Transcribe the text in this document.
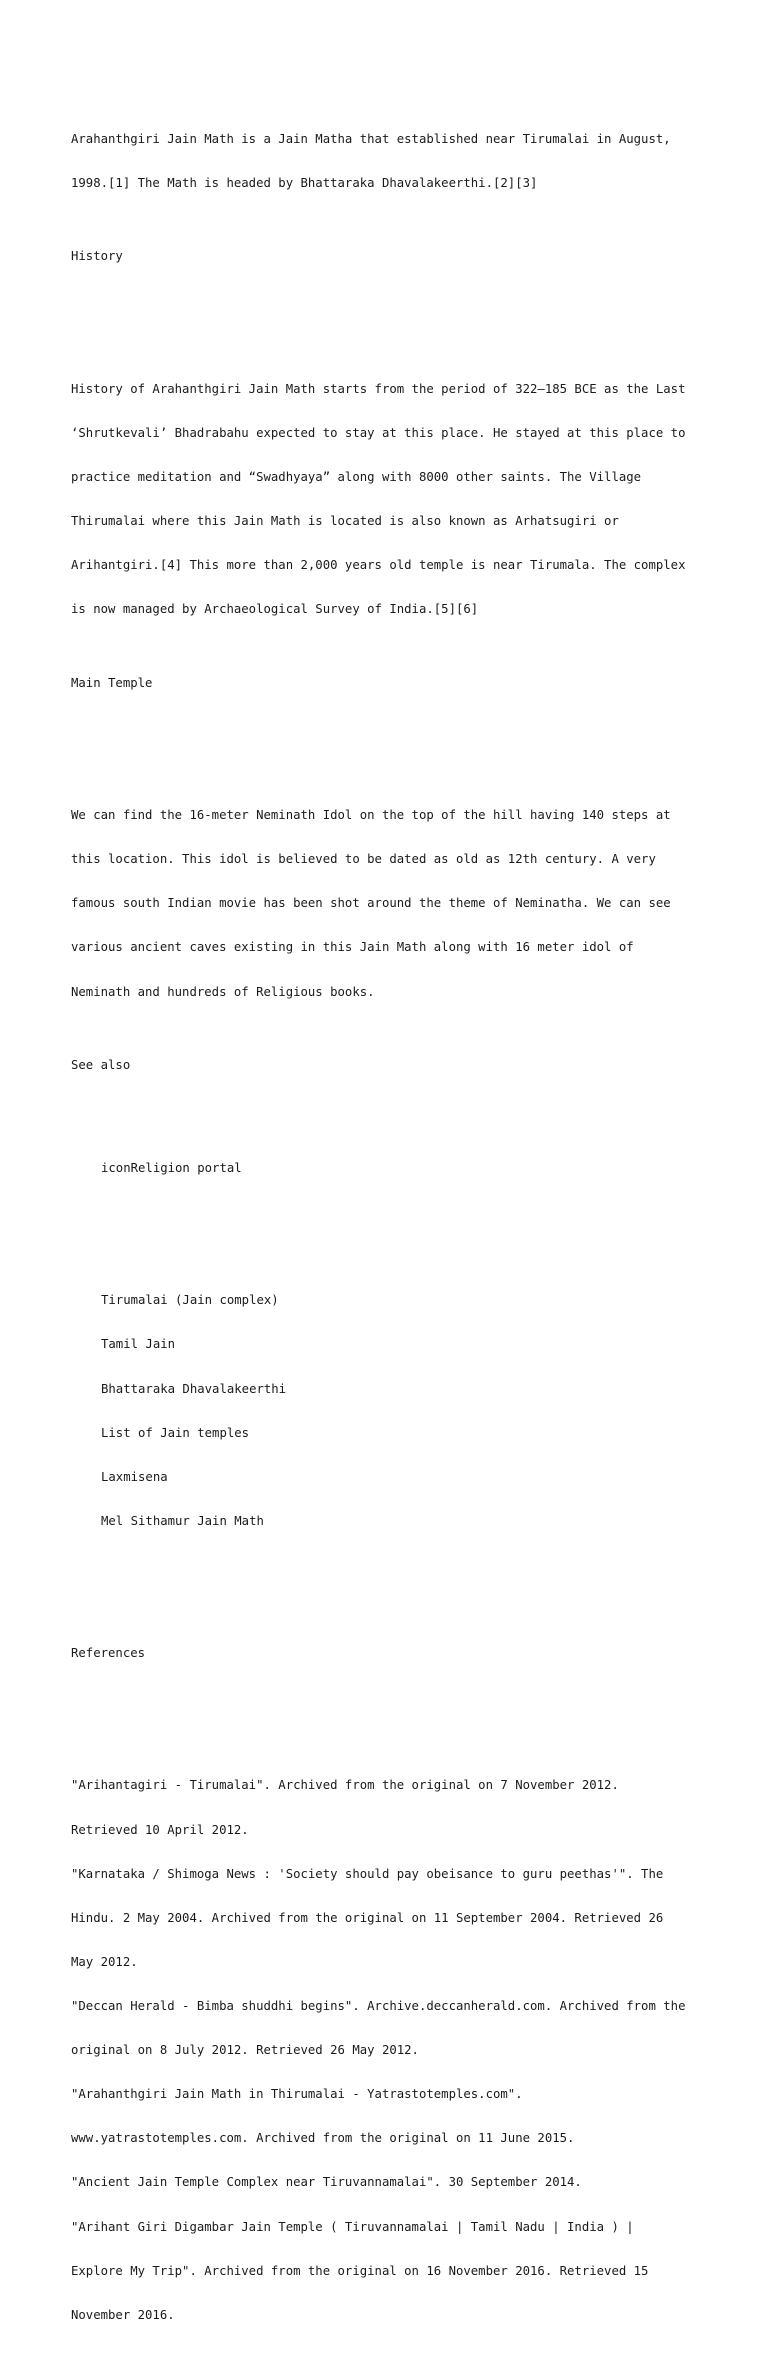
Arahanthgiri Jain Math is a Jain Matha that established near Tirumalai in August,

1998.[1] The Math is headed by Bhattaraka Dhavalakeerthi.[2][3]

History

History of Arahanthgiri Jain Math starts from the period of 322–185 BCE as the Last

‘Shrutkevali’ Bhadrabahu expected to stay at this place. He stayed at this place to

practice meditation and “Swadhyaya” along with 8000 other saints. The Village

Thirumalai where this Jain Math is located is also known as Arhatsugiri or

Arihantgiri.[4] This more than 2,000 years old temple is near Tirumala. The complex

is now managed by Archaeological Survey of India.[5][6]

Main Temple

We can find the 16-meter Neminath Idol on the top of the hill having 140 steps at

this location. This idol is believed to be dated as old as 12th century. A very

famous south Indian movie has been shot around the theme of Neminatha. We can see

various ancient caves existing in this Jain Math along with 16 meter idol of

Neminath and hundreds of Religious books.

See also

iconReligion portal

Tirumalai (Jain complex)

Tamil Jain

Bhattaraka Dhavalakeerthi

List of Jain temples

Laxmisena

Mel Sithamur Jain Math

References

"Arihantagiri - Tirumalai". Archived from the original on 7 November 2012.

Retrieved 10 April 2012.

"Karnataka / Shimoga News : 'Society should pay obeisance to guru peethas'". The

Hindu. 2 May 2004. Archived from the original on 11 September 2004. Retrieved 26

May 2012.

"Deccan Herald - Bimba shuddhi begins". Archive.deccanherald.com. Archived from the

original on 8 July 2012. Retrieved 26 May 2012.

"Arahanthgiri Jain Math in Thirumalai - Yatrastotemples.com".

www.yatrastotemples.com. Archived from the original on 11 June 2015.

"Ancient Jain Temple Complex near Tiruvannamalai". 30 September 2014.

"Arihant Giri Digambar Jain Temple ( Tiruvannamalai | Tamil Nadu | India ) |

Explore My Trip". Archived from the original on 16 November 2016. Retrieved 15

November 2016.
